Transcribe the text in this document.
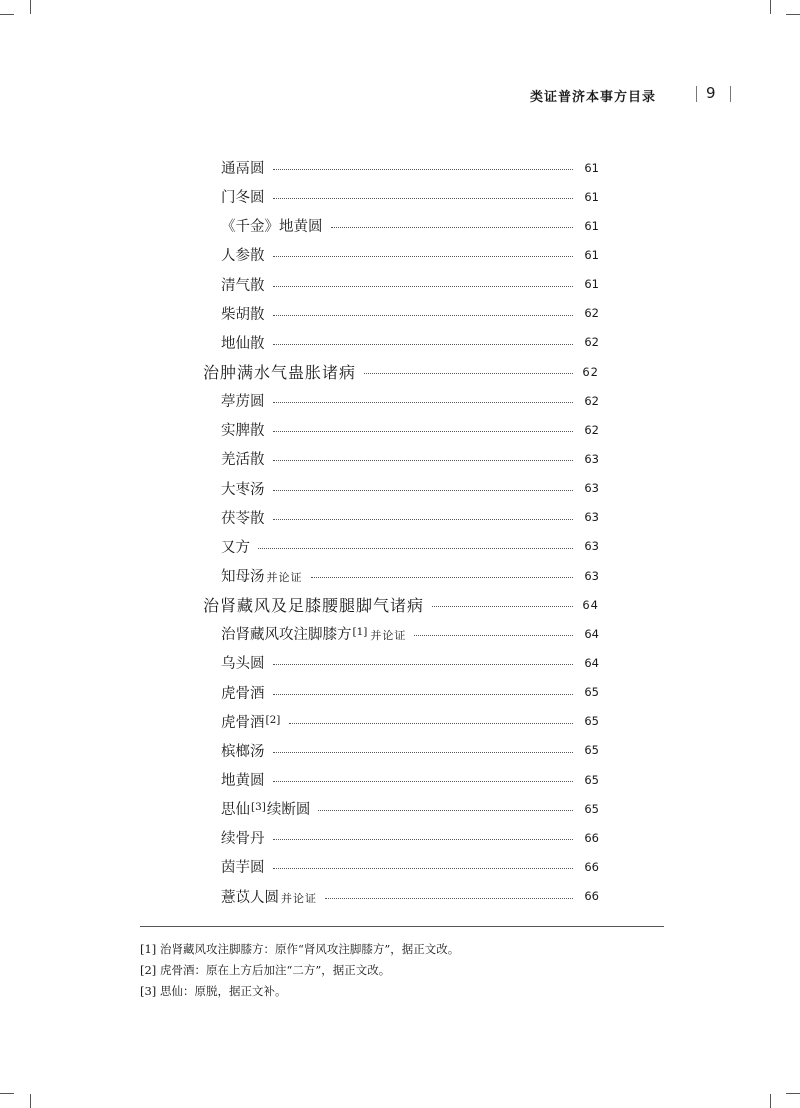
类证普济本事方目录	9
通鬲圆	61
门冬圆	61
《千金》地黄圆	61
人参散	61
清气散	61
柴胡散	62
地仙散	62
治肿满水气蛊胀诸病	62
葶苈圆	62
实脾散	62
羌活散	63
大枣汤	63
茯苓散	63
又方	63
知母汤 并论证	63
治肾藏风及足膝腰腿脚气诸病	64
治肾藏风攻注脚膝方[1] 并论证	64
乌头圆	64
虎骨酒	65
虎骨酒[2]	65
槟榔汤	65
地黄圆	65
思仙[3]续断圆	65
续骨丹	66
茵芋圆	66
薏苡人圆 并论证	66
[1] 治肾藏风攻注脚膝方：原作“肾风攻注脚膝方”，据正文改。
[2] 虎骨酒：原在上方后加注“二方”，据正文改。
[3] 思仙：原脱，据正文补。
